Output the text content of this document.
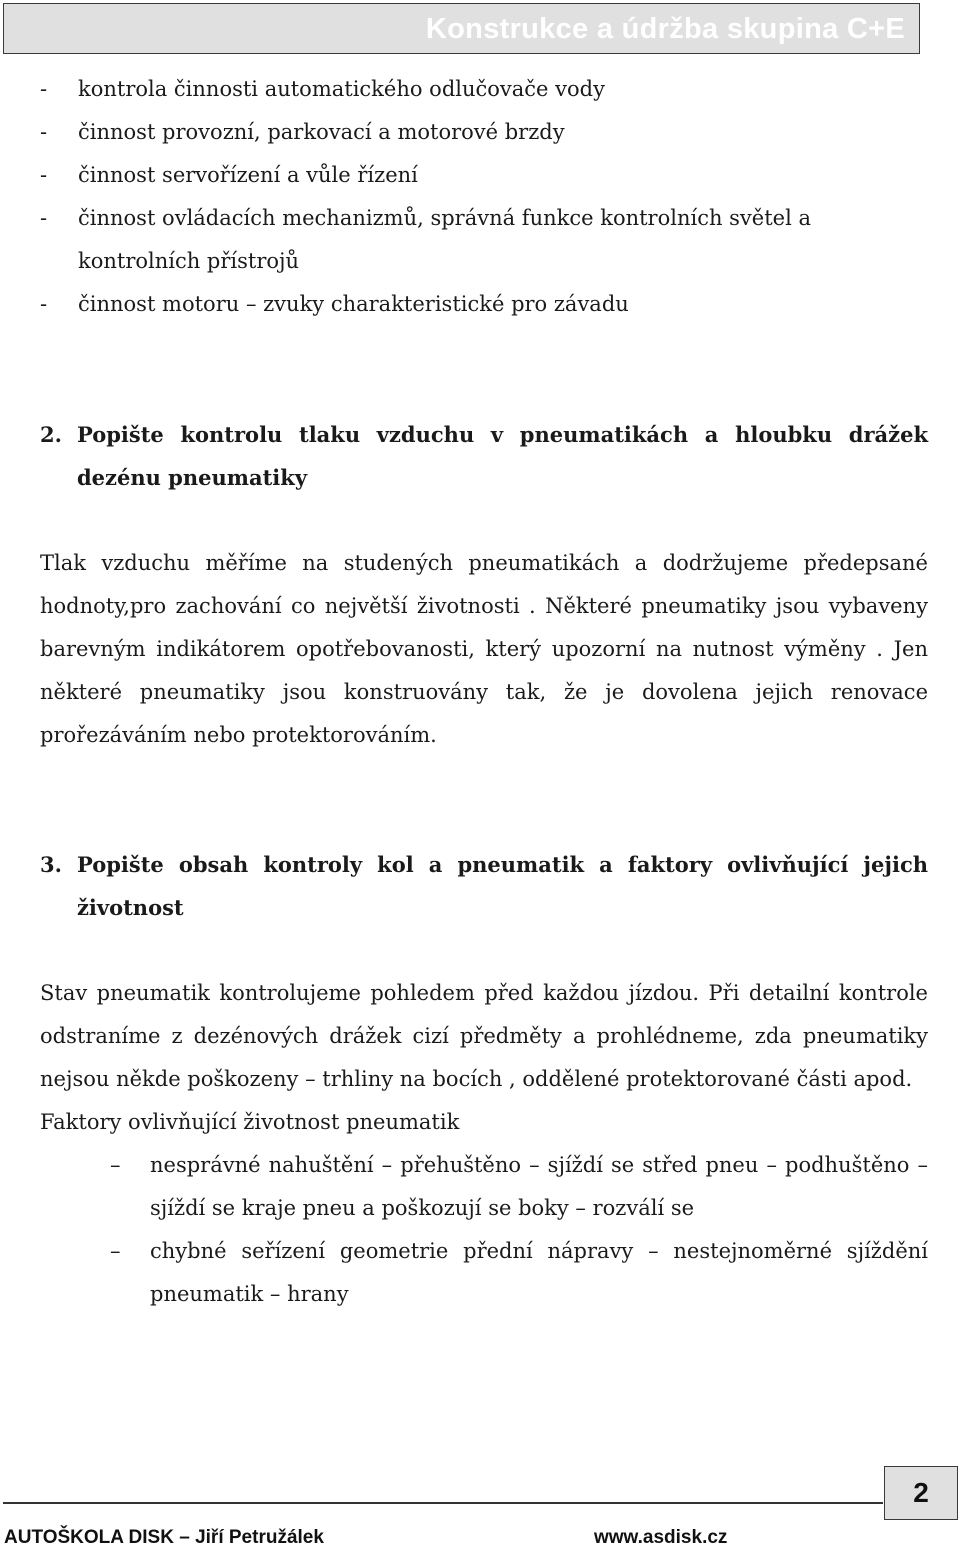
Konstrukce a údržba skupina C+E
- kontrola činnosti automatického odlučovače vody
- činnost provozní, parkovací a motorové brzdy
- činnost servořízení a vůle řízení
- činnost ovládacích mechanizmů, správná funkce kontrolních světel a kontrolních přístrojů
- činnost motoru – zvuky charakteristické pro závadu
2. Popište kontrolu tlaku vzduchu v pneumatikách a hloubku drážek dezénu pneumatiky
Tlak vzduchu měříme na studených pneumatikách a dodržujeme předepsané hodnoty,pro zachování co největší životnosti . Některé pneumatiky jsou vybaveny barevným indikátorem opotřebovanosti, který upozorní na nutnost výměny . Jen některé pneumatiky jsou konstruovány tak, že je dovolena jejich renovace prořezáváním nebo protektorováním.
3. Popište obsah kontroly kol a pneumatik a faktory ovlivňující jejich životnost
Stav pneumatik kontrolujeme pohledem před každou jízdou. Při detailní kontrole odstraníme z dezénových drážek cizí předměty a prohlédneme, zda pneumatiky nejsou někde poškozeny – trhliny na bocích , oddělené protektorované části apod.
Faktory ovlivňující životnost pneumatik
– nesprávné nahuštění – přehuštěno – sjíždí se střed pneu – podhuštěno – sjíždí se kraje pneu a poškozují se boky – rozválí se
– chybné seřízení geometrie přední nápravy – nestejnoměrné sjíždění pneumatik – hrany
2
AUTOŠKOLA DISK – Jiří Petružálek	www.asdisk.cz
